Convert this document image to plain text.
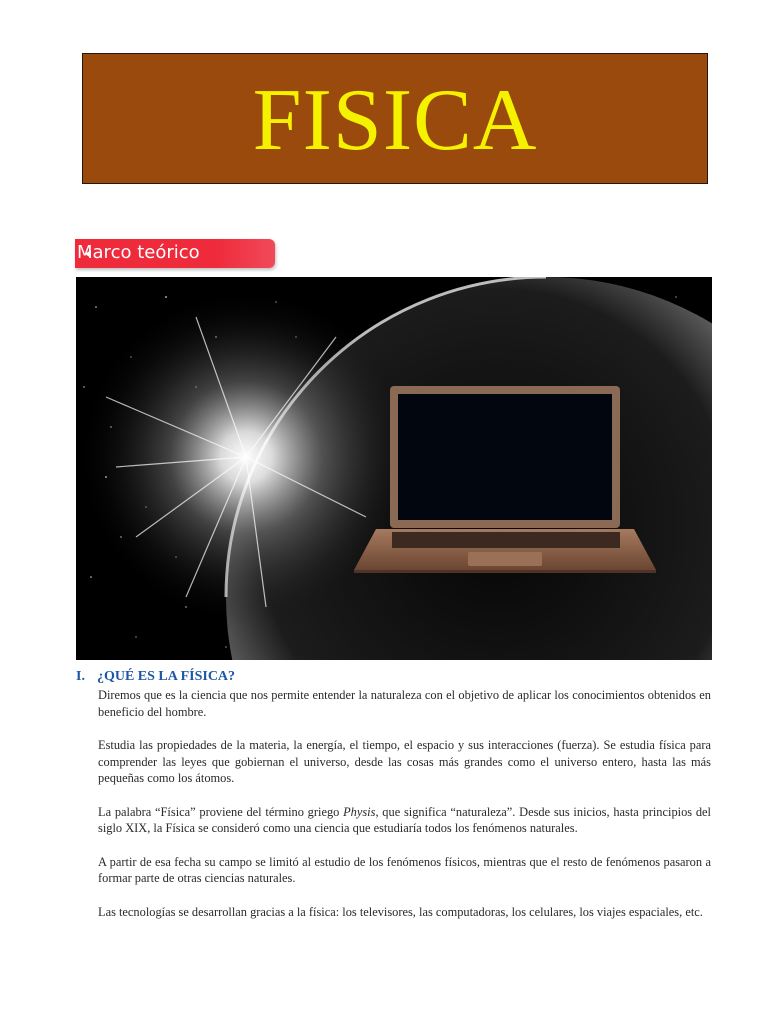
FISICA
Marco teórico
I. ¿QUÉ ES LA FÍSICA?

Diremos que es la ciencia que nos permite entender la naturaleza con el objetivo de aplicar los conocimientos obtenidos en beneficio del hombre.

Estudia las propiedades de la materia, la energía, el tiempo, el espacio y sus interacciones (fuerza). Se estudia física para comprender las leyes que gobiernan el universo, desde las cosas más grandes como el universo entero, hasta las más pequeñas como los átomos.

La palabra “Física” proviene del término griego Physis, que significa “naturaleza”. Desde sus inicios, hasta principios del siglo XIX, la Física se consideró como una ciencia que estudiaría todos los fenómenos naturales.

A partir de esa fecha su campo se limitó al estudio de los fenómenos físicos, mientras que el resto de fenómenos pasaron a formar parte de otras ciencias naturales.

Las tecnologías se desarrollan gracias a la física: los televisores, las computadoras, los celulares, los viajes espaciales, etc.
